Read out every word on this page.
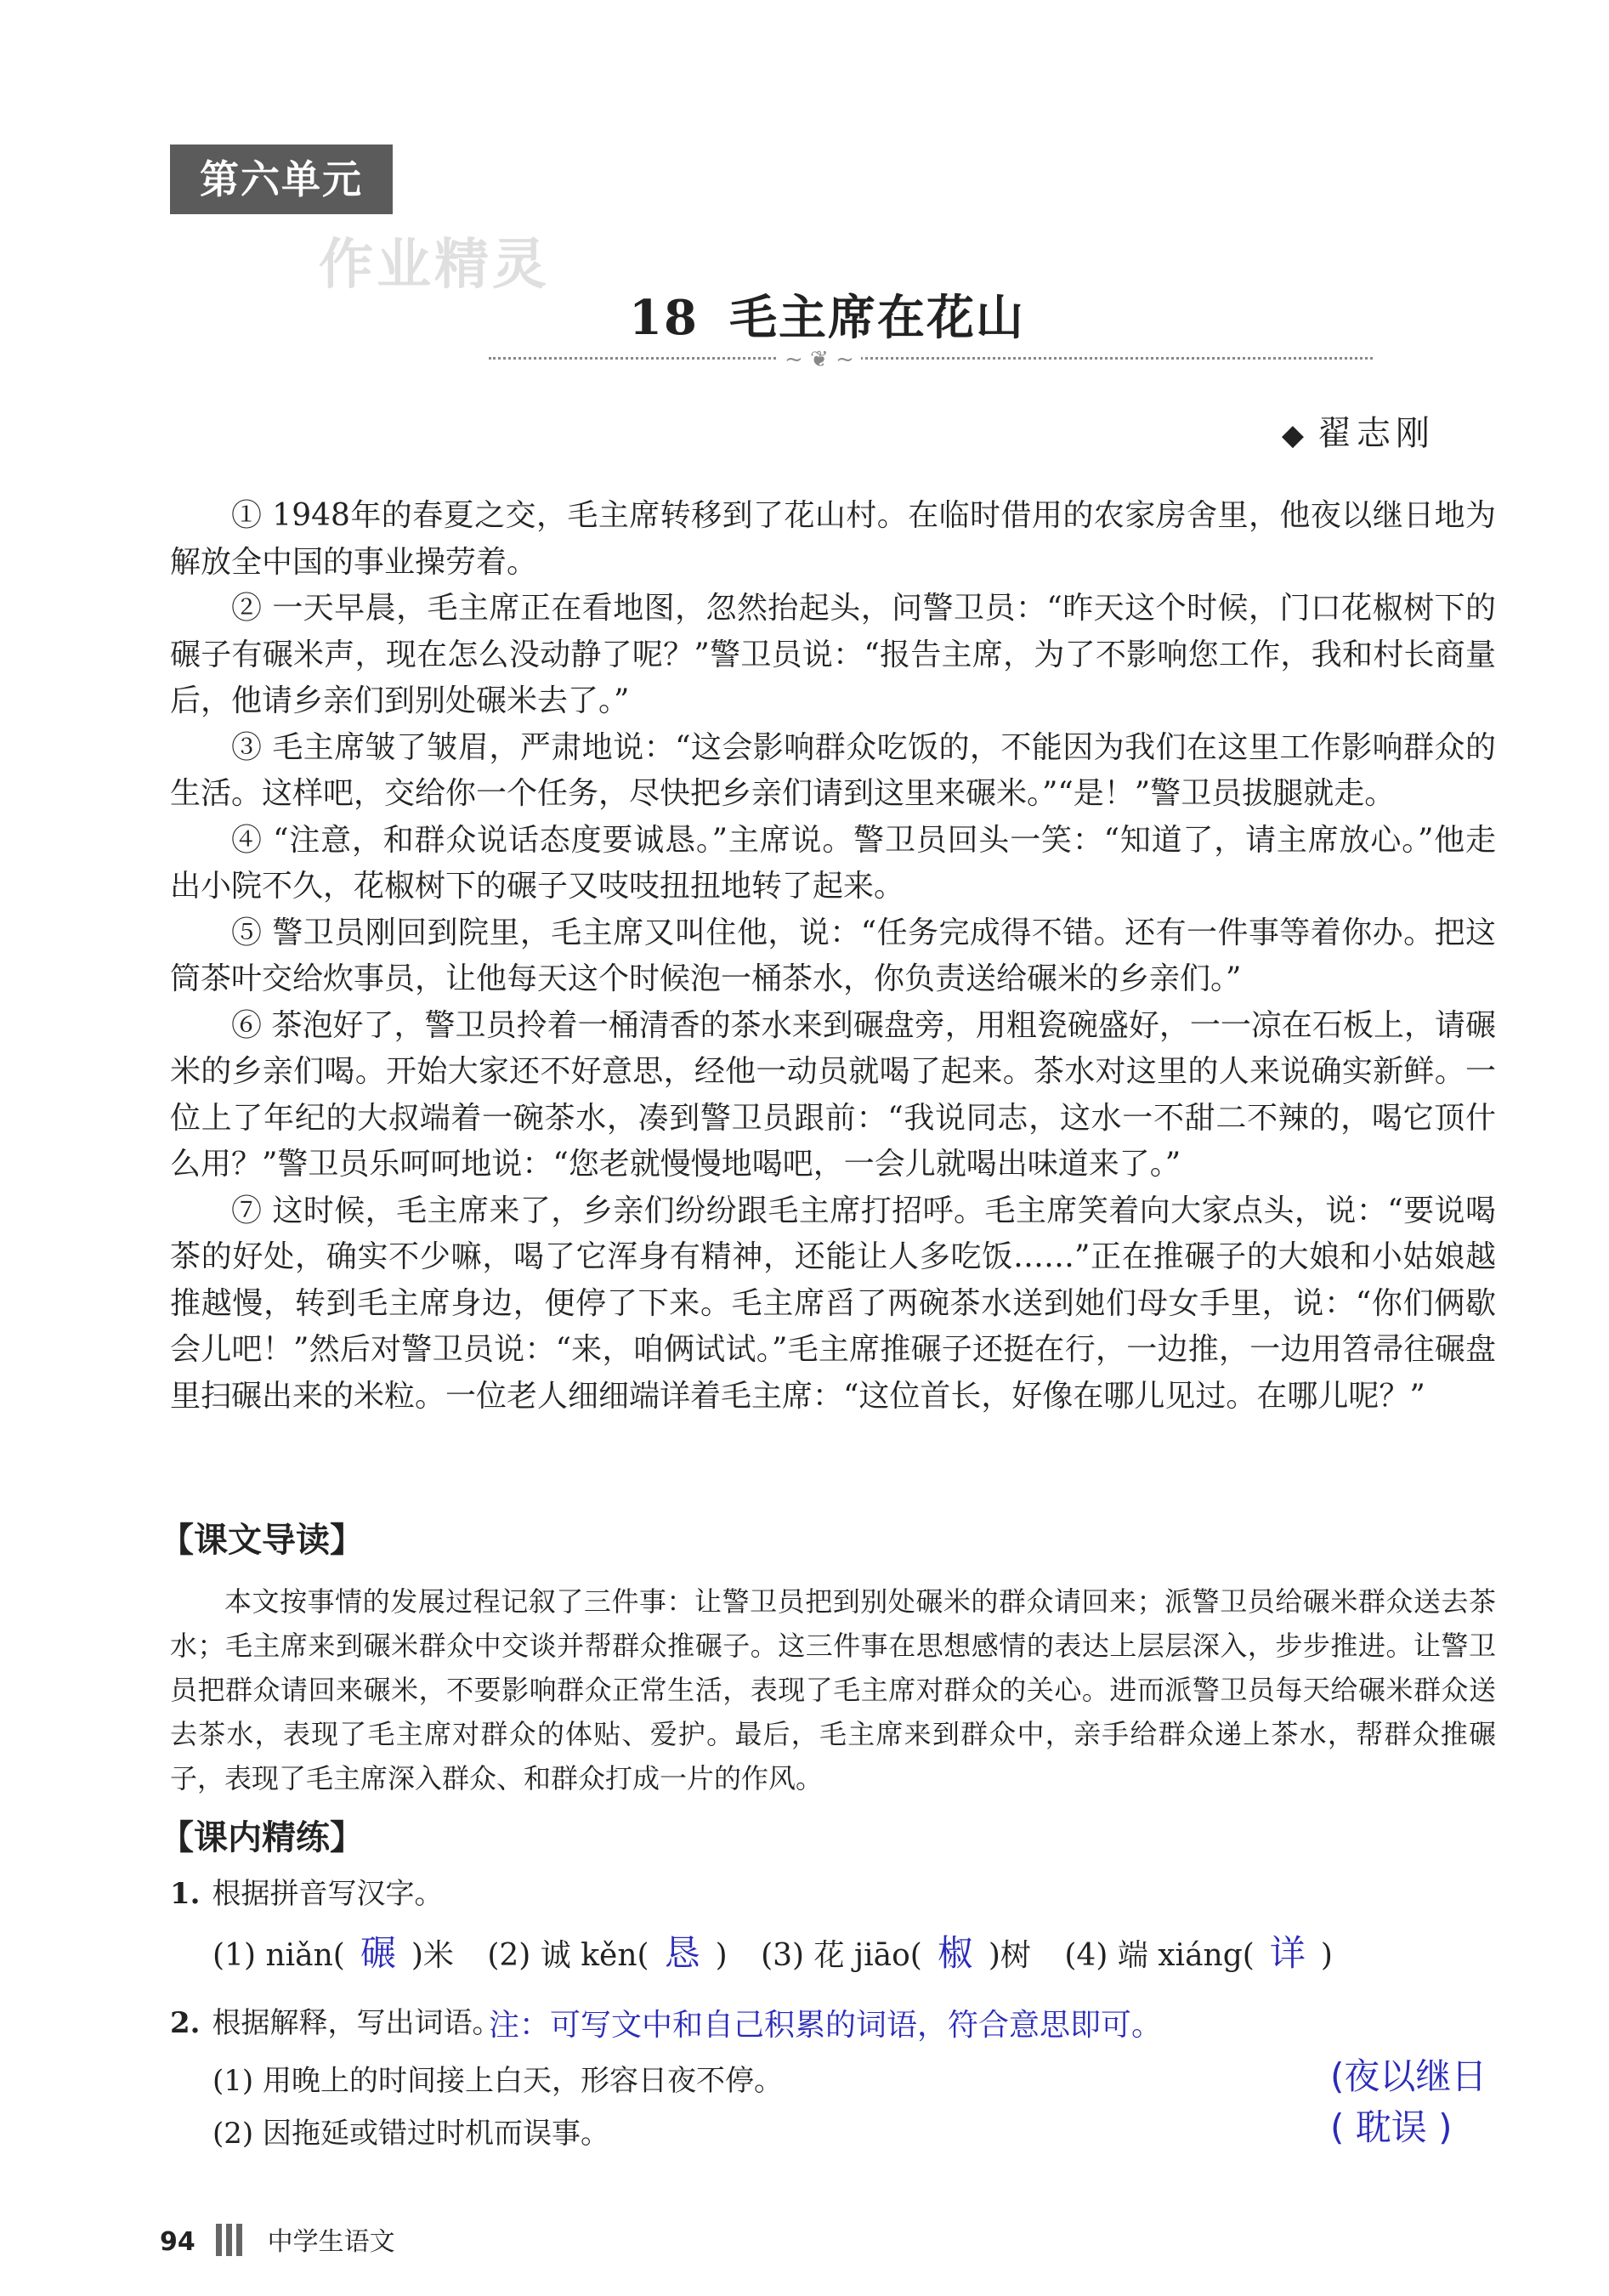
第六单元
作业精灵
18 毛主席在花山
~ ❦ ~
◆ 翟志刚

① 1948年的春夏之交，毛主席转移到了花山村。在临时借用的农家房舍里，他夜以继日地为解放全中国的事业操劳着。

② 一天早晨，毛主席正在看地图，忽然抬起头，问警卫员：“昨天这个时候，门口花椒树下的碾子有碾米声，现在怎么没动静了呢？”警卫员说：“报告主席，为了不影响您工作，我和村长商量后，他请乡亲们到别处碾米去了。”

③ 毛主席皱了皱眉，严肃地说：“这会影响群众吃饭的，不能因为我们在这里工作影响群众的生活。这样吧，交给你一个任务，尽快把乡亲们请到这里来碾米。”“是！”警卫员拔腿就走。

④ “注意，和群众说话态度要诚恳。”主席说。警卫员回头一笑：“知道了，请主席放心。”他走出小院不久，花椒树下的碾子又吱吱扭扭地转了起来。

⑤ 警卫员刚回到院里，毛主席又叫住他，说：“任务完成得不错。还有一件事等着你办。把这筒茶叶交给炊事员，让他每天这个时候泡一桶茶水，你负责送给碾米的乡亲们。”

⑥ 茶泡好了，警卫员拎着一桶清香的茶水来到碾盘旁，用粗瓷碗盛好，一一凉在石板上，请碾米的乡亲们喝。开始大家还不好意思，经他一动员就喝了起来。茶水对这里的人来说确实新鲜。一位上了年纪的大叔端着一碗茶水，凑到警卫员跟前：“我说同志，这水一不甜二不辣的，喝它顶什么用？”警卫员乐呵呵地说：“您老就慢慢地喝吧，一会儿就喝出味道来了。”

⑦ 这时候，毛主席来了，乡亲们纷纷跟毛主席打招呼。毛主席笑着向大家点头，说：“要说喝茶的好处，确实不少嘛，喝了它浑身有精神，还能让人多吃饭……”正在推碾子的大娘和小姑娘越推越慢，转到毛主席身边，便停了下来。毛主席舀了两碗茶水送到她们母女手里，说：“你们俩歇会儿吧！”然后对警卫员说：“来，咱俩试试。”毛主席推碾子还挺在行，一边推，一边用笤帚往碾盘里扫碾出来的米粒。一位老人细细端详着毛主席：“这位首长，好像在哪儿见过。在哪儿呢？”

【课文导读】

本文按事情的发展过程记叙了三件事：让警卫员把到别处碾米的群众请回来；派警卫员给碾米群众送去茶水；毛主席来到碾米群众中交谈并帮群众推碾子。这三件事在思想感情的表达上层层深入，步步推进。让警卫员把群众请回来碾米，不要影响群众正常生活，表现了毛主席对群众的关心。进而派警卫员每天给碾米群众送去茶水，表现了毛主席对群众的体贴、爱护。最后，毛主席来到群众中，亲手给群众递上茶水，帮群众推碾子，表现了毛主席深入群众、和群众打成一片的作风。

【课内精练】
1. 根据拼音写汉字。
(1) niǎn( 碾 )米 (2) 诚 kěn( 恳 ) (3) 花 jiāo( 椒 )树 (4) 端 xiáng( 详 )
2. 根据解释，写出词语。
注：可写文中和自己积累的词语，符合意思即可。
(1) 用晚上的时间接上白天，形容日夜不停。
(2) 因拖延或错过时机而误事。
(夜以继日
( 耽误 )
94	中学生语文
